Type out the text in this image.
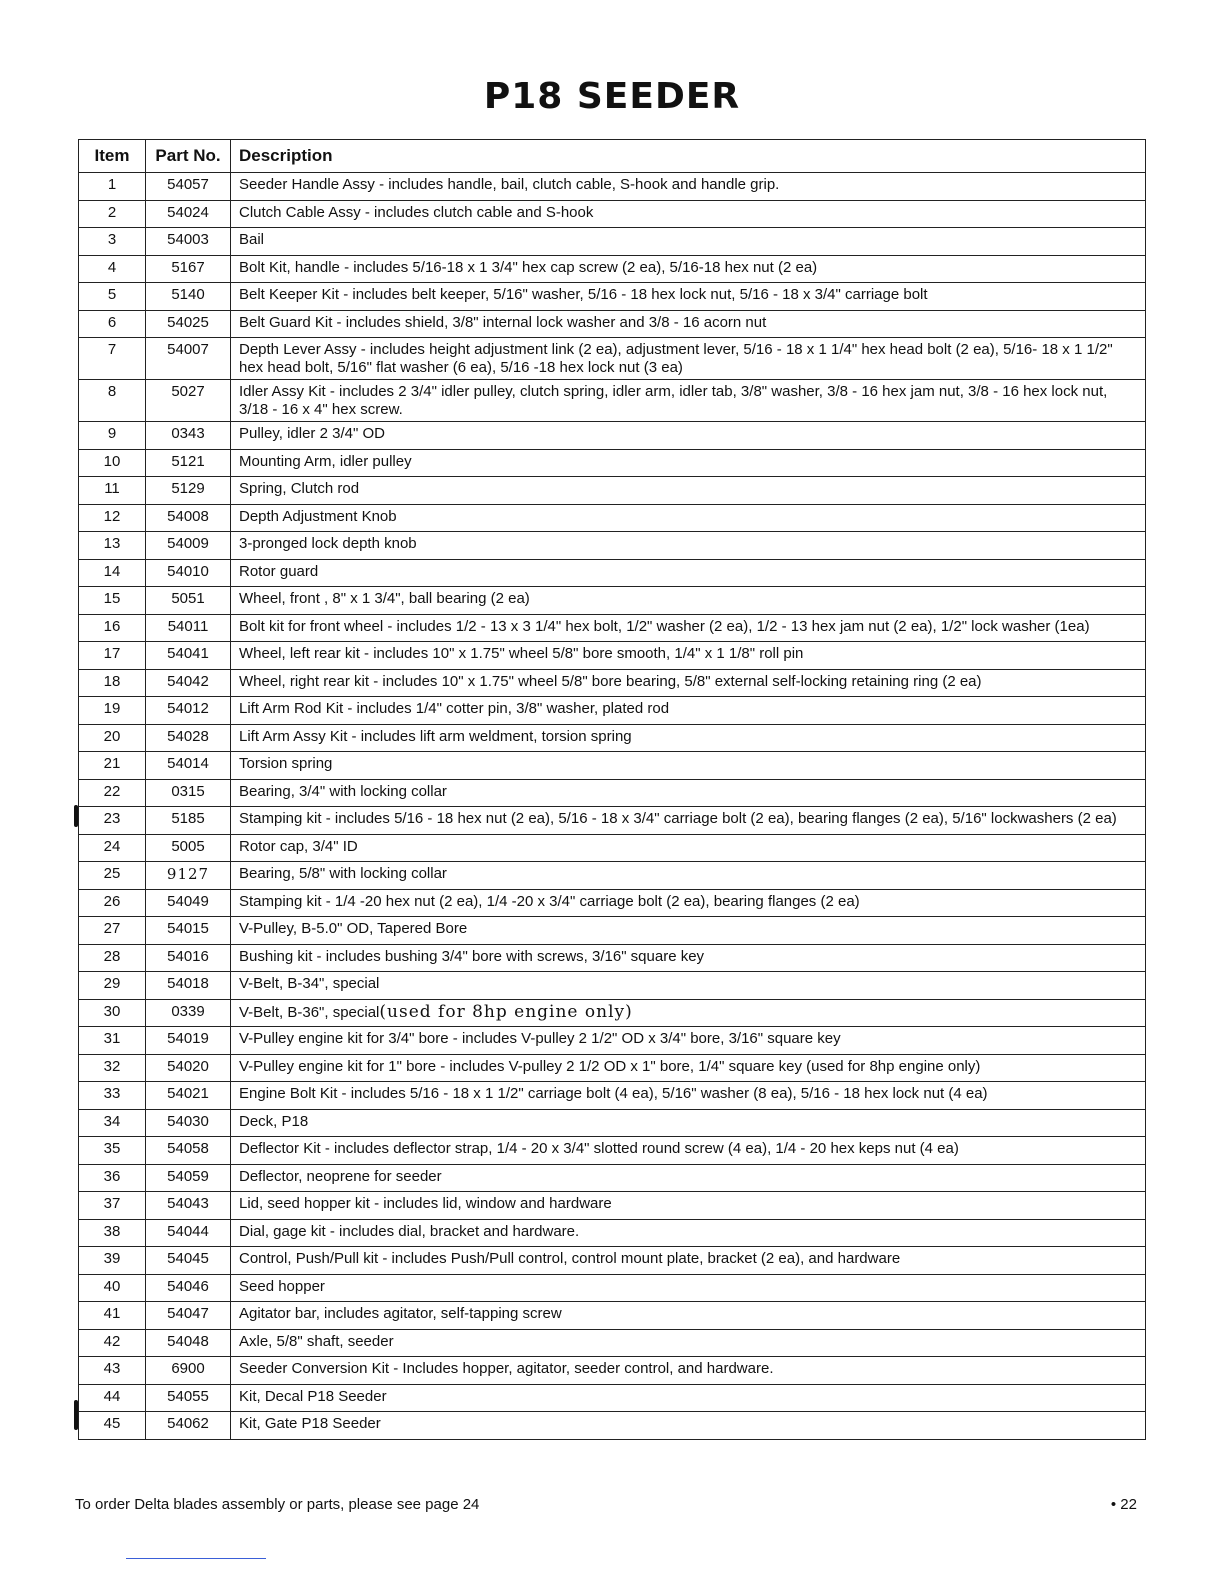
P18 SEEDER
Item	Part No.	Description
1	54057	Seeder Handle Assy - includes handle, bail, clutch cable, S-hook and handle grip.
2	54024	Clutch Cable Assy - includes clutch cable and S-hook
3	54003	Bail
4	5167	Bolt Kit, handle - includes 5/16-18 x 1 3/4" hex cap screw (2 ea), 5/16-18 hex nut (2 ea)
5	5140	Belt Keeper Kit - includes belt keeper, 5/16" washer, 5/16 - 18 hex lock nut, 5/16 - 18 x 3/4" carriage bolt
6	54025	Belt Guard Kit - includes shield, 3/8" internal lock washer and 3/8 - 16 acorn nut
7	54007	Depth Lever Assy - includes height adjustment link (2 ea), adjustment lever, 5/16 - 18 x 1 1/4" hex head bolt (2 ea), 5/16- 18 x 1 1/2" hex head bolt, 5/16" flat washer (6 ea), 5/16 -18 hex lock nut (3 ea)
8	5027	Idler Assy Kit - includes 2 3/4" idler pulley, clutch spring, idler arm, idler tab, 3/8" washer, 3/8 - 16 hex jam nut, 3/8 - 16 hex lock nut, 3/18 - 16 x 4" hex screw.
9	0343	Pulley, idler 2 3/4" OD
10	5121	Mounting Arm, idler pulley
11	5129	Spring, Clutch rod
12	54008	Depth Adjustment Knob
13	54009	3-pronged lock depth knob
14	54010	Rotor guard
15	5051	Wheel, front , 8" x 1 3/4", ball bearing (2 ea)
16	54011	Bolt kit for front wheel - includes 1/2 - 13 x 3 1/4" hex bolt, 1/2" washer (2 ea), 1/2 - 13 hex jam nut (2 ea), 1/2" lock washer (1ea)
17	54041	Wheel, left rear kit - includes 10" x 1.75" wheel 5/8" bore smooth, 1/4" x 1 1/8" roll pin
18	54042	Wheel, right rear kit - includes 10" x 1.75" wheel 5/8" bore bearing, 5/8" external self-locking retaining ring (2 ea)
19	54012	Lift Arm Rod Kit - includes 1/4" cotter pin, 3/8" washer, plated rod
20	54028	Lift Arm Assy Kit - includes lift arm weldment, torsion spring
21	54014	Torsion spring
22	0315	Bearing, 3/4" with locking collar
23	5185	Stamping kit - includes 5/16 - 18 hex nut (2 ea), 5/16 - 18 x 3/4" carriage bolt (2 ea), bearing flanges (2 ea), 5/16" lockwashers (2 ea)
24	5005	Rotor cap, 3/4" ID
25	9127	Bearing, 5/8" with locking collar
26	54049	Stamping kit - 1/4 -20 hex nut (2 ea), 1/4 -20 x 3/4" carriage bolt (2 ea), bearing flanges (2 ea)
27	54015	V-Pulley, B-5.0" OD, Tapered Bore
28	54016	Bushing kit - includes bushing 3/4" bore with screws, 3/16" square key
29	54018	V-Belt, B-34", special
30	0339	V-Belt, B-36", special(used for 8hp engine only)
31	54019	V-Pulley engine kit for 3/4" bore - includes V-pulley 2 1/2" OD x 3/4" bore, 3/16" square key
32	54020	V-Pulley engine kit for 1" bore - includes V-pulley 2 1/2 OD x 1" bore, 1/4" square key (used for 8hp engine only)
33	54021	Engine Bolt Kit - includes 5/16 - 18 x 1 1/2" carriage bolt (4 ea), 5/16" washer (8 ea), 5/16 - 18 hex lock nut (4 ea)
34	54030	Deck, P18
35	54058	Deflector Kit - includes deflector strap, 1/4 - 20 x 3/4" slotted round screw (4 ea), 1/4 - 20 hex keps nut (4 ea)
36	54059	Deflector, neoprene for seeder
37	54043	Lid, seed hopper kit - includes lid, window and hardware
38	54044	Dial, gage kit - includes dial, bracket and hardware.
39	54045	Control, Push/Pull kit - includes Push/Pull control, control mount plate, bracket (2 ea), and hardware
40	54046	Seed hopper
41	54047	Agitator bar, includes agitator, self-tapping screw
42	54048	Axle, 5/8" shaft, seeder
43	6900	Seeder Conversion Kit - Includes hopper, agitator, seeder control, and hardware.
44	54055	Kit, Decal P18 Seeder
45	54062	Kit, Gate P18 Seeder
To order Delta blades assembly or parts, please see page 24	• 22
